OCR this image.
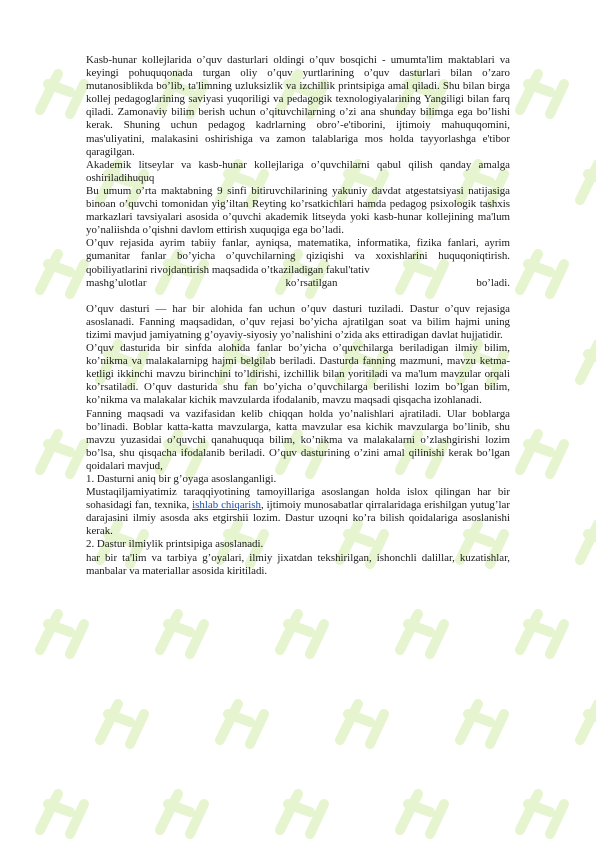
Kasb-hunar kollejlarida o’quv dasturlari oldingi o’quv bosqichi - umumta'lim maktablari va keyingi pohuquqonada turgan oliy o’quv yurtlarining o’quv dasturlari bilan o’zaro mutanosiblikda bo’lib, ta'limning uzluksizlik va izchillik printsipiga amal qiladi. Shu bilan birga kollej pedagoglarining saviyasi yuqoriligi va pedagogik texnologiyalarining Yangiligi bilan farq qiladi. Zamonaviy bilim berish uchun o’qituvchilarning o’zi ana shunday bilimga ega bo’lishi kerak. Shuning uchun pedagog kadrlarning obro’-e'tiborini, ijtimoiy mahuquqomini, mas'uliyatini, malakasini oshirishiga va zamon talablariga mos holda tayyorlashga e'tibor qaragilgan.

Akademik litseylar va kasb-hunar kollejlariga o’quvchilarni qabul qilish qanday amalga oshiriladihuquq

Bu umum o’rta maktabning 9 sinfi bitiruvchilarining yakuniy davdat atgestatsiyasi natijasiga binoan o’quvchi tomonidan yig’iltan Reyting ko’rsatkichlari hamda pedagog psixologik tashxis markazlari tavsiyalari asosida o’quvchi akademik litseyda yoki kasb-hunar kollejining ma'lum yo’naliishda o’qishni davlom ettirish xuquqiga ega bo’ladi.

O’quv rejasida ayrim tabiiy fanlar, ayniqsa, matematika, informatika, fizika fanlari, ayrim gumanitar fanlar bo’yicha o’quvchilarning qiziqishi va xoxishlarini huquqoniqtirish. qobiliyatlarini rivojdantirish maqsadida o’tkaziladigan fakul'tativ

mashg’ulotlar	ko’rsatilgan	bo’ladi.

O’quv dasturi — har bir alohida fan uchun o’quv dasturi tuziladi. Dastur o’quv rejasiga asoslanadi. Fanning maqsadidan, o’quv rejasi bo’yicha ajratilgan soat va bilim hajmi uning tizimi mavjud jamiyatning g’oyaviy-siyosiy yo’nalishini o’zida aks ettiradigan davlat hujjatidir.

O’quv dasturida bir sinfda alohida fanlar bo’yicha o’quvchilarga beriladigan ilmiy bilim, ko’nikma va malakalarnipg hajmi belgilab beriladi. Dasturda fanning mazmuni, mavzu ketma-ketligi ikkinchi mavzu birinchini to’ldirishi, izchillik bilan yoritiladi va ma'lum mavzular orqali ko’rsatiladi. O’quv dasturida shu fan bo’yicha o’quvchilarga berilishi lozim bo’lgan bilim, ko’nikma va malakalar kichik mavzularda ifodalanib, mavzu maqsadi qisqacha izohlanadi.

Fanning maqsadi va vazifasidan kelib chiqqan holda yo’nalishlari ajratiladi. Ular boblarga bo’linadi. Boblar katta-katta mavzularga, katta mavzular esa kichik mavzularga bo’linib, shu mavzu yuzasidai o’quvchi qanahuquqa bilim, ko’nikma va malakalarni o’zlashgirishi lozim bo’lsa, shu qisqacha ifodalanib beriladi. O’quv dasturining o’zini amal qilinishi kerak bo’lgan qoidalari mavjud,

1. Dasturni aniq bir g’oyaga asoslanganligi.

Mustaqiljamiyatimiz taraqqiyotining tamoyillariga asoslangan holda islox qilingan har bir sohasidagi fan, texnika, ishlab chiqarish, ijtimoiy munosabatlar qirralaridaga erishilgan yutug’lar darajasini ilmiy asosda aks etgirshii lozim. Dastur uzoqni ko’ra bilish qoidalariga asoslanishi kerak.

2. Dastur ilmiylik printsipiga asoslanadi.

har bir ta'lim va tarbiya g’oyalari, ilmiy jixatdan tekshirilgan, ishonchli dalillar, kuzatishlar, manbalar va materiallar asosida kiritiladi.
